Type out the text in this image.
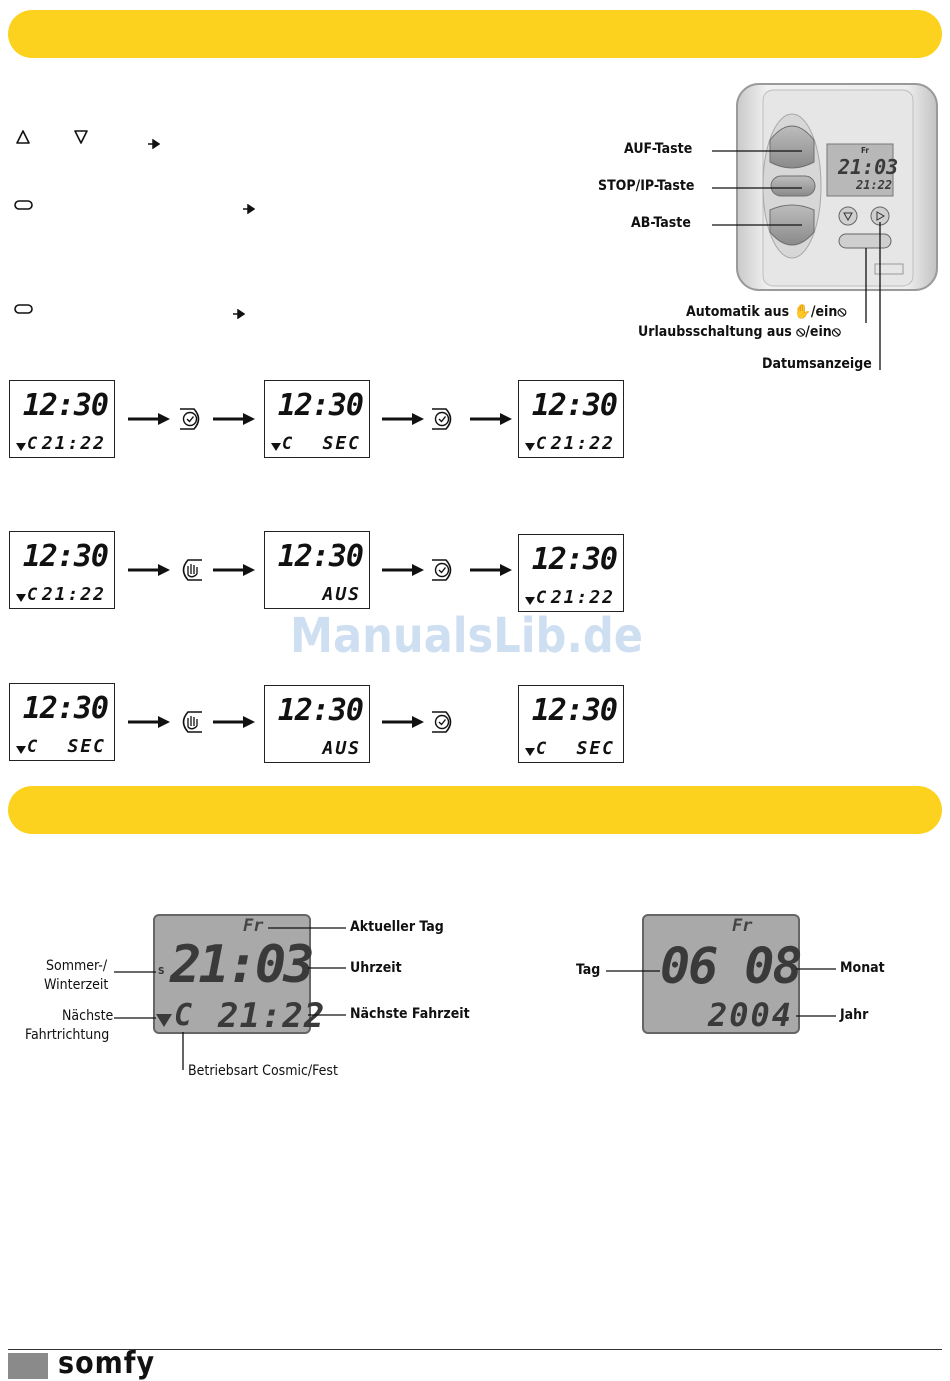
Fr
21:03
21:22
AUF-Taste
STOP/IP-Taste
AB-Taste
Automatik aus ✋/ein⦸
Urlaubsschaltung aus ⦸/ein⦸
Datumsanzeige
12:30
C 21:22
12:30
C SEC
12:30
C 21:22
12:30
C 21:22
12:30
AUS
12:30
C 21:22
12:30
C SEC
12:30
AUS
12:30
C SEC
ManualsLib.de
Fr
S 21:03
C 21:22
Sommer-/
Winterzeit
Nächste
Fahrtrichtung
Aktueller Tag
Uhrzeit
Nächste Fahrzeit
Betriebsart Cosmic/Fest
Fr
06 08
2004
Tag	Monat
Jahr
somfy
